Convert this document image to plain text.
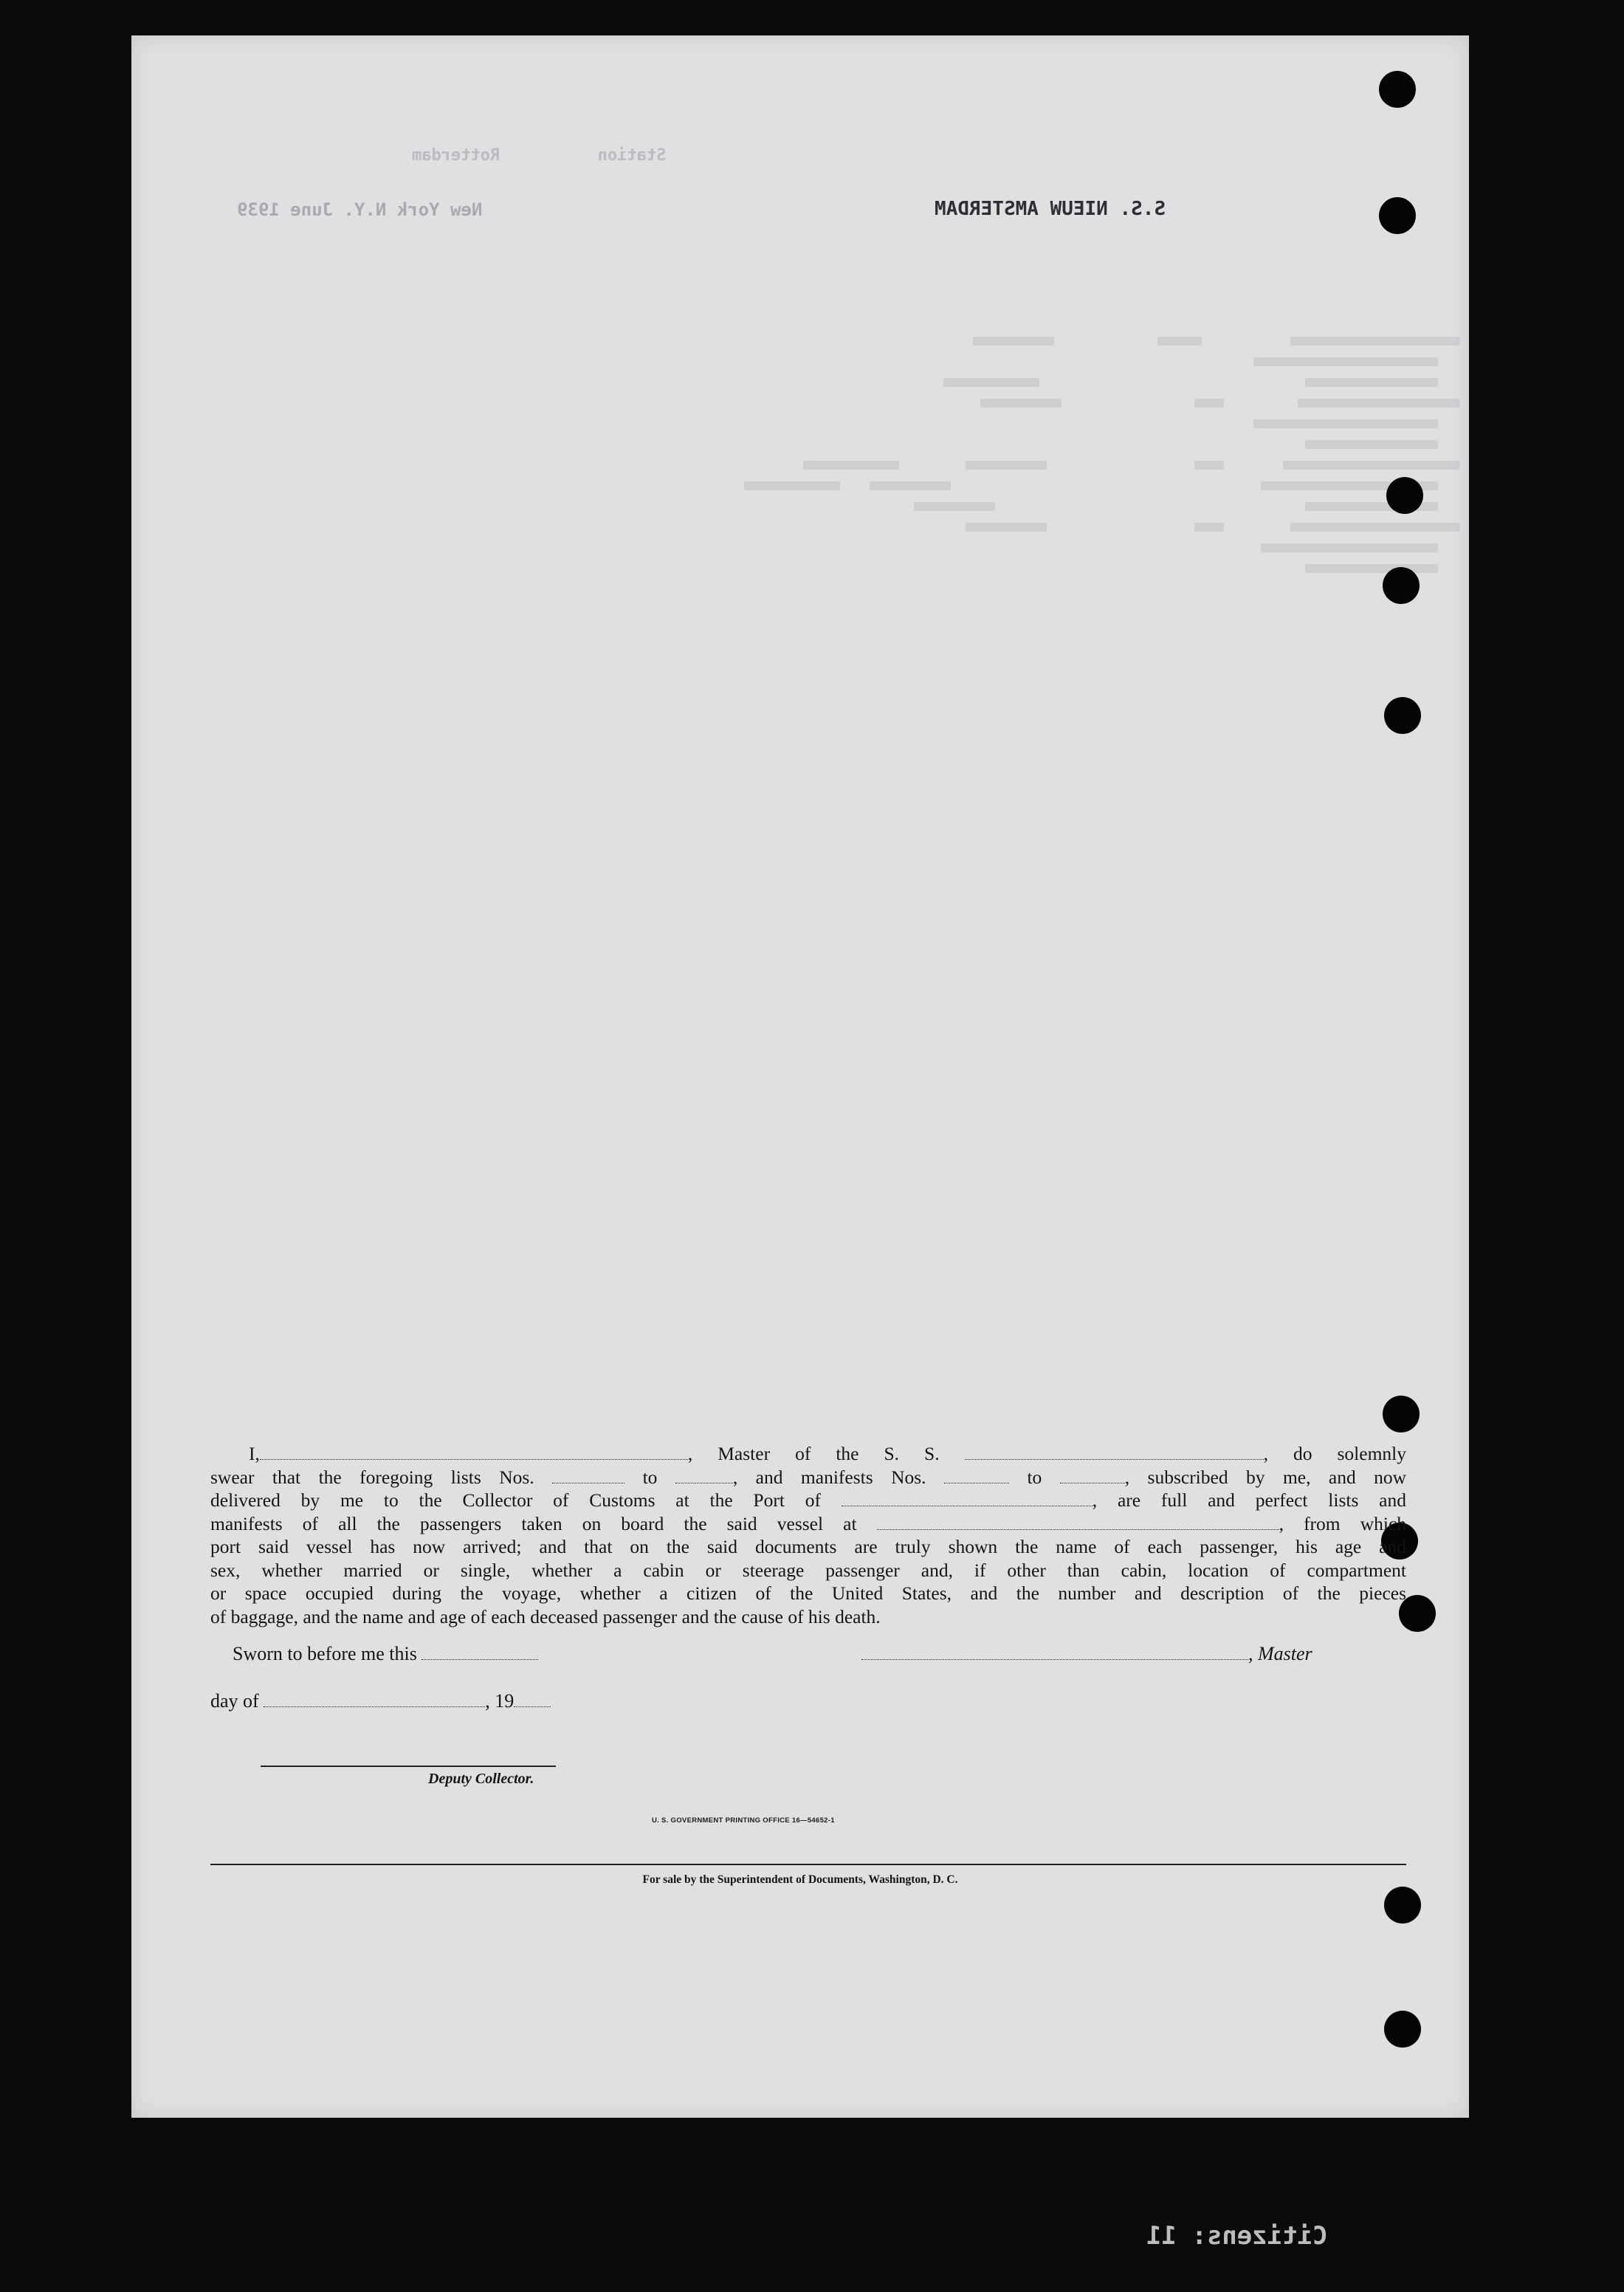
Station          Rotterdam
S.S. NIEUW AMSTERDAM
New York N.Y. June 1939
I,	, Master of the S. S.	, do solemnly
swear that the foregoing lists Nos.	to	, and manifests Nos.	to	, subscribed by me, and now
delivered by me to the Collector of Customs at the Port of	, are full and perfect lists and
manifests of all the passengers taken on board the said vessel at	, from which
port said vessel has now arrived; and that on the said documents are truly shown the name of each passenger, his age and
sex, whether married or single, whether a cabin or steerage passenger and, if other than cabin, location of compartment
or space occupied during the voyage, whether a citizen of the United States, and the number and description of the pieces
of baggage, and the name and age of each deceased passenger and the cause of his death.
Sworn to before me this	, Master
day of	, 19
Deputy Collector.
U. S. GOVERNMENT PRINTING OFFICE 16—54652-1
For sale by the Superintendent of Documents, Washington, D. C.
Citizens: 11
